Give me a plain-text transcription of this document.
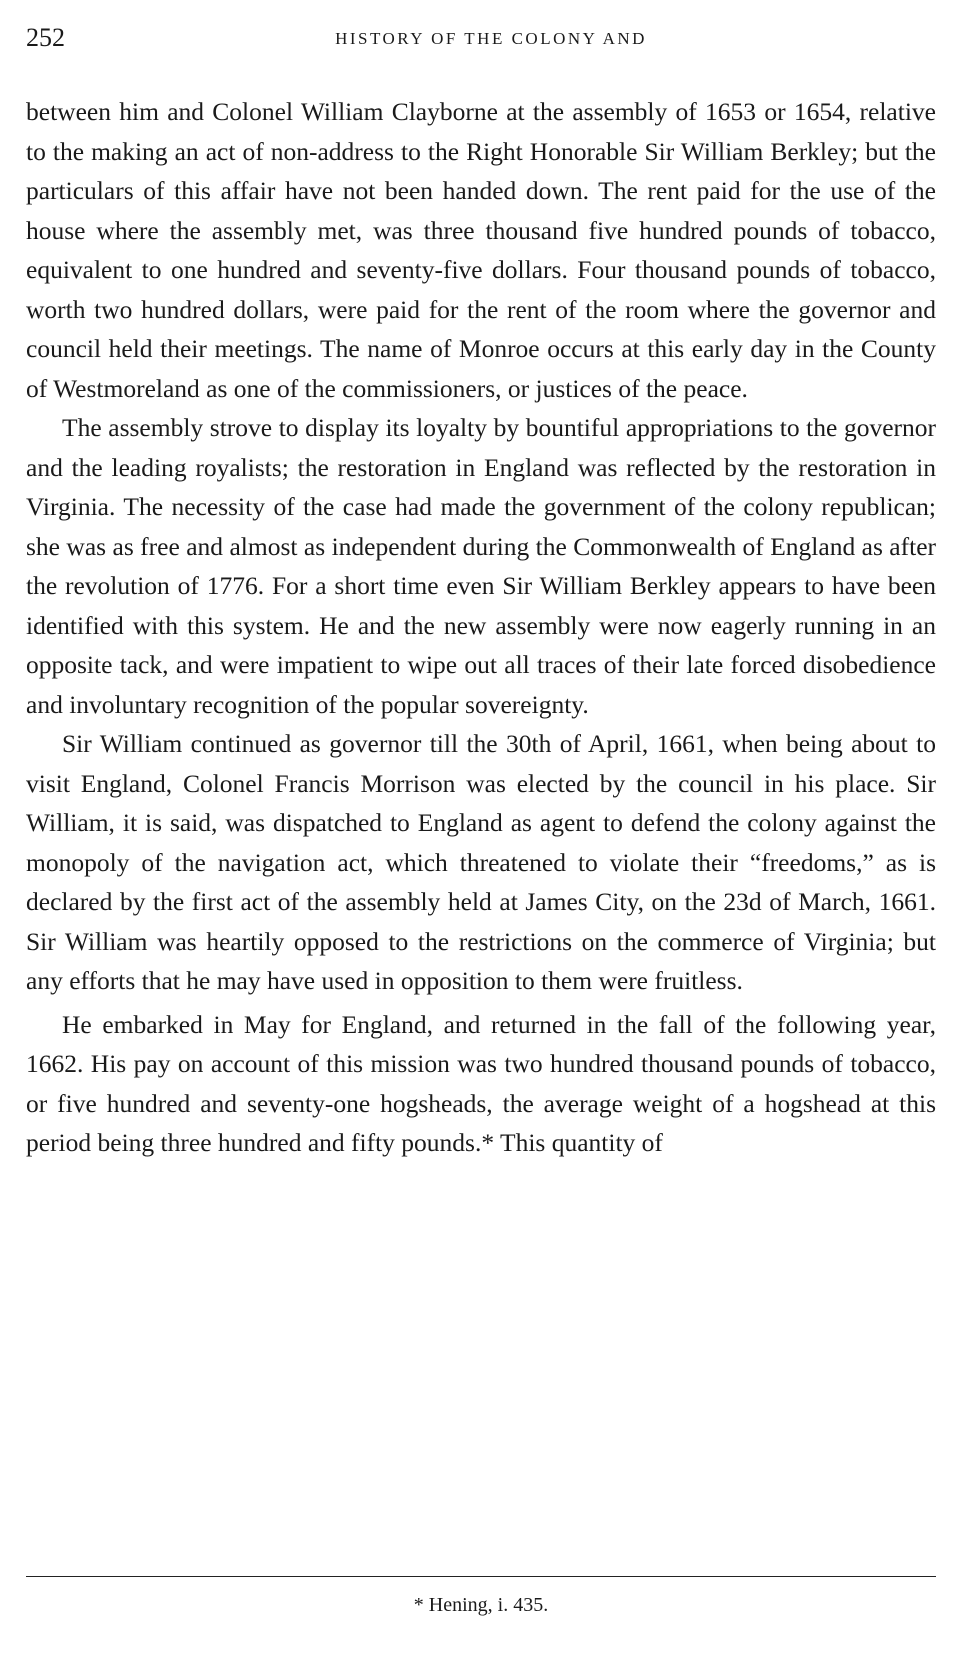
252	HISTORY OF THE COLONY AND

between him and Colonel William Clayborne at the assembly of 1653 or 1654, relative to the making an act of non-address to the Right Honorable Sir William Berkley; but the particulars of this affair have not been handed down. The rent paid for the use of the house where the assembly met, was three thousand five hundred pounds of tobacco, equivalent to one hundred and seventy-five dollars. Four thousand pounds of tobacco, worth two hundred dollars, were paid for the rent of the room where the governor and council held their meetings. The name of Monroe occurs at this early day in the County of Westmoreland as one of the commissioners, or justices of the peace.

The assembly strove to display its loyalty by bountiful appropriations to the governor and the leading royalists; the restoration in England was reflected by the restoration in Virginia. The necessity of the case had made the government of the colony republican; she was as free and almost as independent during the Commonwealth of England as after the revolution of 1776. For a short time even Sir William Berkley appears to have been identified with this system. He and the new assembly were now eagerly running in an opposite tack, and were impatient to wipe out all traces of their late forced disobedience and involuntary recognition of the popular sovereignty.

Sir William continued as governor till the 30th of April, 1661, when being about to visit England, Colonel Francis Morrison was elected by the council in his place. Sir William, it is said, was dispatched to England as agent to defend the colony against the monopoly of the navigation act, which threatened to violate their “freedoms,” as is declared by the first act of the assembly held at James City, on the 23d of March, 1661. Sir William was heartily opposed to the restrictions on the commerce of Virginia; but any efforts that he may have used in opposition to them were fruitless.

He embarked in May for England, and returned in the fall of the following year, 1662. His pay on account of this mission was two hundred thousand pounds of tobacco, or five hundred and seventy-one hogsheads, the average weight of a hogshead at this period being three hundred and fifty pounds.* This quantity of

* Hening, i. 435.
